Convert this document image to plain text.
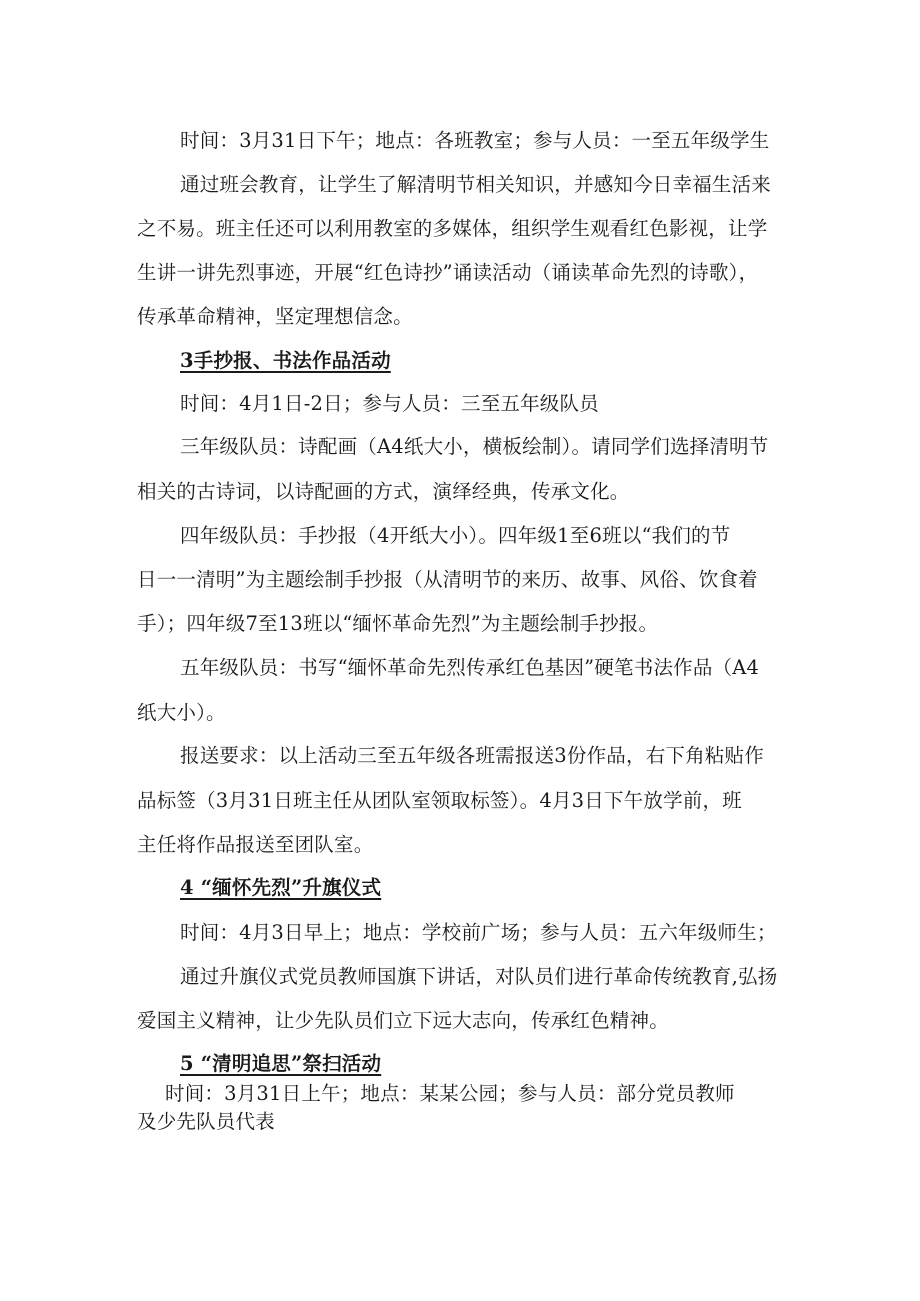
时间：3月31日下午；地点：各班教室；参与人员：一至五年级学生
通过班会教育，让学生了解清明节相关知识，并感知今日幸福生活来
之不易。班主任还可以利用教室的多媒体，组织学生观看红色影视，让学
生讲一讲先烈事迹，开展“红色诗抄”诵读活动（诵读革命先烈的诗歌），
传承革命精神，坚定理想信念。
3手抄报、书法作品活动
时间：4月1日-2日；参与人员：三至五年级队员
三年级队员：诗配画（A4纸大小，横板绘制）。请同学们选择清明节
相关的古诗词，以诗配画的方式，演绎经典，传承文化。
四年级队员：手抄报（4开纸大小）。四年级1至6班以“我们的节
日一一清明”为主题绘制手抄报（从清明节的来历、故事、风俗、饮食着
手）；四年级7至13班以“缅怀革命先烈”为主题绘制手抄报。
五年级队员：书写“缅怀革命先烈传承红色基因”硬笔书法作品（A4
纸大小）。
报送要求：以上活动三至五年级各班需报送3份作品，右下角粘贴作
品标签（3月31日班主任从团队室领取标签）。4月3日下午放学前，班
主任将作品报送至团队室。
4 “缅怀先烈”升旗仪式
时间：4月3日早上；地点：学校前广场；参与人员：五六年级师生；
通过升旗仪式党员教师国旗下讲话，对队员们进行革命传统教育,弘扬
爱国主义精神，让少先队员们立下远大志向，传承红色精神。
5 “清明追思”祭扫活动
时间：3月31日上午；地点：某某公园；参与人员：部分党员教师
及少先队员代表
